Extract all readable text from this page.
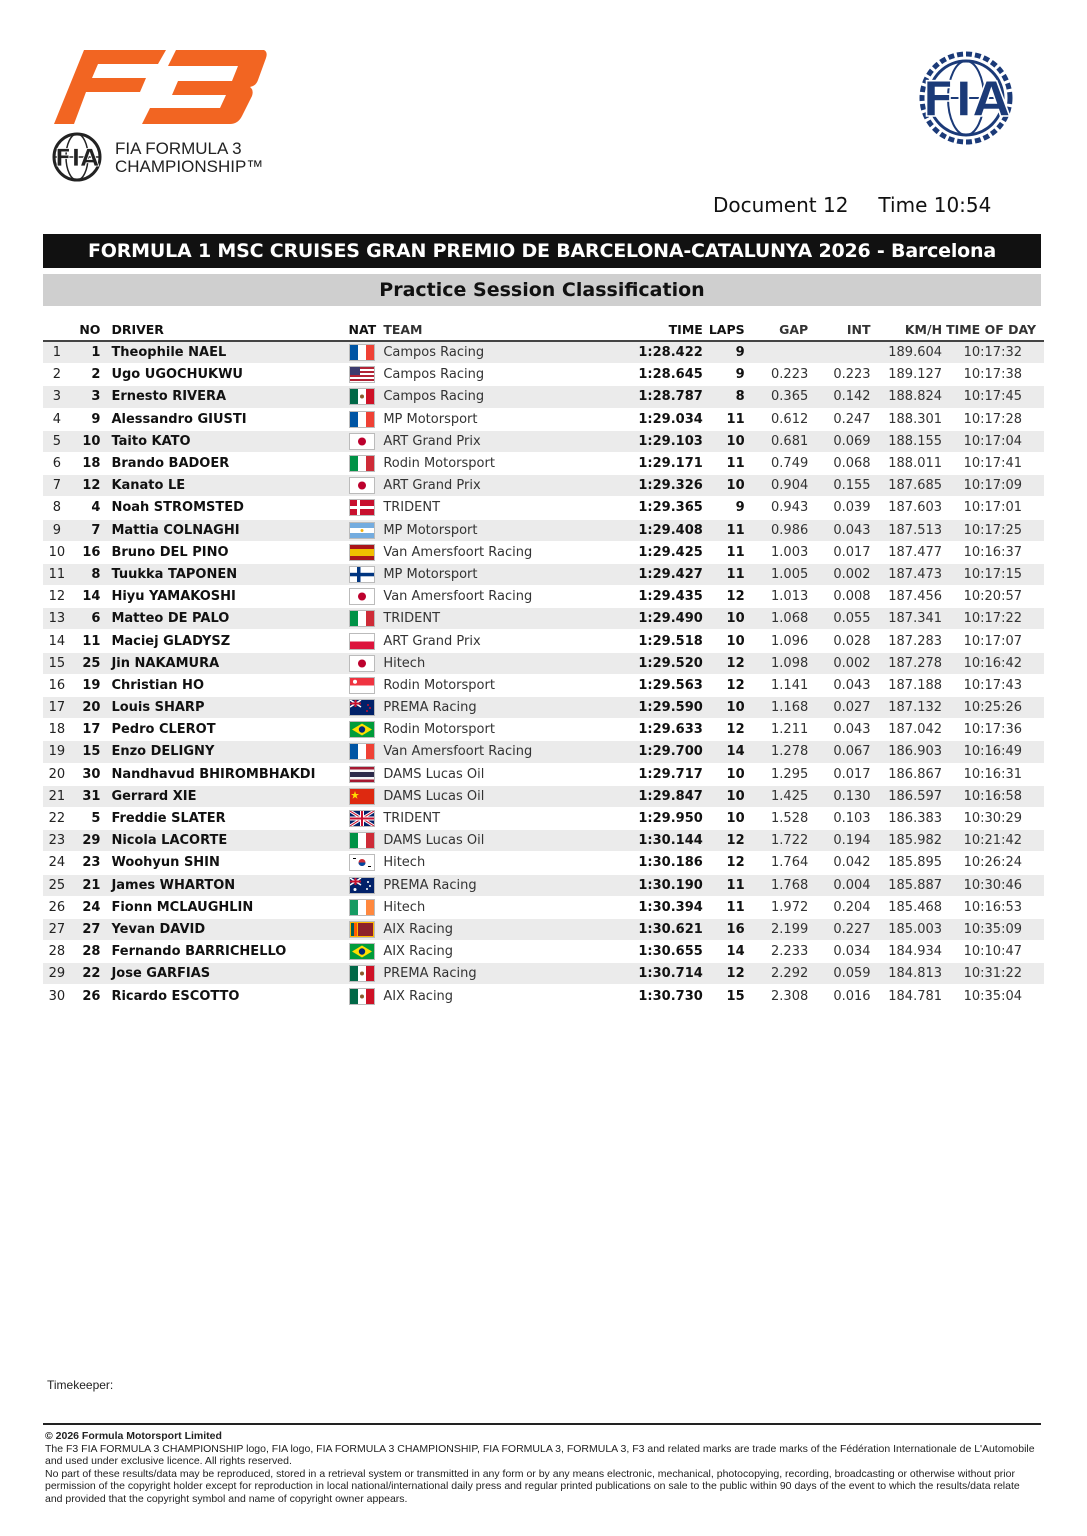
FIA FIA FORMULA 3
CHAMPIONSHIP™
FIA
Document 12 Time 10:54
FORMULA 1 MSC CRUISES GRAN PREMIO DE BARCELONA-CATALUNYA 2026 - Barcelona
Practice Session Classification
	NO	DRIVER	NAT	TEAM	TIME	LAPS	GAP	INT	KM/H	TIME OF DAY
1	1	Theophile NAEL		Campos Racing	1:28.422	9			189.604	10:17:32
2	2	Ugo UGOCHUKWU		Campos Racing	1:28.645	9	0.223	0.223	189.127	10:17:38
3	3	Ernesto RIVERA		Campos Racing	1:28.787	8	0.365	0.142	188.824	10:17:45
4	9	Alessandro GIUSTI		MP Motorsport	1:29.034	11	0.612	0.247	188.301	10:17:28
5	10	Taito KATO		ART Grand Prix	1:29.103	10	0.681	0.069	188.155	10:17:04
6	18	Brando BADOER		Rodin Motorsport	1:29.171	11	0.749	0.068	188.011	10:17:41
7	12	Kanato LE		ART Grand Prix	1:29.326	10	0.904	0.155	187.685	10:17:09
8	4	Noah STROMSTED		TRIDENT	1:29.365	9	0.943	0.039	187.603	10:17:01
9	7	Mattia COLNAGHI		MP Motorsport	1:29.408	11	0.986	0.043	187.513	10:17:25
10	16	Bruno DEL PINO		Van Amersfoort Racing	1:29.425	11	1.003	0.017	187.477	10:16:37
11	8	Tuukka TAPONEN		MP Motorsport	1:29.427	11	1.005	0.002	187.473	10:17:15
12	14	Hiyu YAMAKOSHI		Van Amersfoort Racing	1:29.435	12	1.013	0.008	187.456	10:20:57
13	6	Matteo DE PALO		TRIDENT	1:29.490	10	1.068	0.055	187.341	10:17:22
14	11	Maciej GLADYSZ		ART Grand Prix	1:29.518	10	1.096	0.028	187.283	10:17:07
15	25	Jin NAKAMURA		Hitech	1:29.520	12	1.098	0.002	187.278	10:16:42
16	19	Christian HO		Rodin Motorsport	1:29.563	12	1.141	0.043	187.188	10:17:43
17	20	Louis SHARP		PREMA Racing	1:29.590	10	1.168	0.027	187.132	10:25:26
18	17	Pedro CLEROT		Rodin Motorsport	1:29.633	12	1.211	0.043	187.042	10:17:36
19	15	Enzo DELIGNY		Van Amersfoort Racing	1:29.700	14	1.278	0.067	186.903	10:16:49
20	30	Nandhavud BHIROMBHAKDI		DAMS Lucas Oil	1:29.717	10	1.295	0.017	186.867	10:16:31
21	31	Gerrard XIE		DAMS Lucas Oil	1:29.847	10	1.425	0.130	186.597	10:16:58
22	5	Freddie SLATER		TRIDENT	1:29.950	10	1.528	0.103	186.383	10:30:29
23	29	Nicola LACORTE		DAMS Lucas Oil	1:30.144	12	1.722	0.194	185.982	10:21:42
24	23	Woohyun SHIN		Hitech	1:30.186	12	1.764	0.042	185.895	10:26:24
25	21	James WHARTON		PREMA Racing	1:30.190	11	1.768	0.004	185.887	10:30:46
26	24	Fionn MCLAUGHLIN		Hitech	1:30.394	11	1.972	0.204	185.468	10:16:53
27	27	Yevan DAVID		AIX Racing	1:30.621	16	2.199	0.227	185.003	10:35:09
28	28	Fernando BARRICHELLO		AIX Racing	1:30.655	14	2.233	0.034	184.934	10:10:47
29	22	Jose GARFIAS		PREMA Racing	1:30.714	12	2.292	0.059	184.813	10:31:22
30	26	Ricardo ESCOTTO		AIX Racing	1:30.730	15	2.308	0.016	184.781	10:35:04
Timekeeper:
© 2026 Formula Motorsport Limited
The F3 FIA FORMULA 3 CHAMPIONSHIP logo, FIA logo, FIA FORMULA 3 CHAMPIONSHIP, FIA FORMULA 3, FORMULA 3, F3 and related marks are trade marks of the Fédération Internationale de L'Automobile and used under exclusive licence. All rights reserved.
No part of these results/data may be reproduced, stored in a retrieval system or transmitted in any form or by any means electronic, mechanical, photocopying, recording, broadcasting or otherwise without prior permission of the copyright holder except for reproduction in local national/international daily press and regular printed publications on sale to the public within 90 days of the event to which the results/data relate and provided that the copyright symbol and name of copyright owner appears.
